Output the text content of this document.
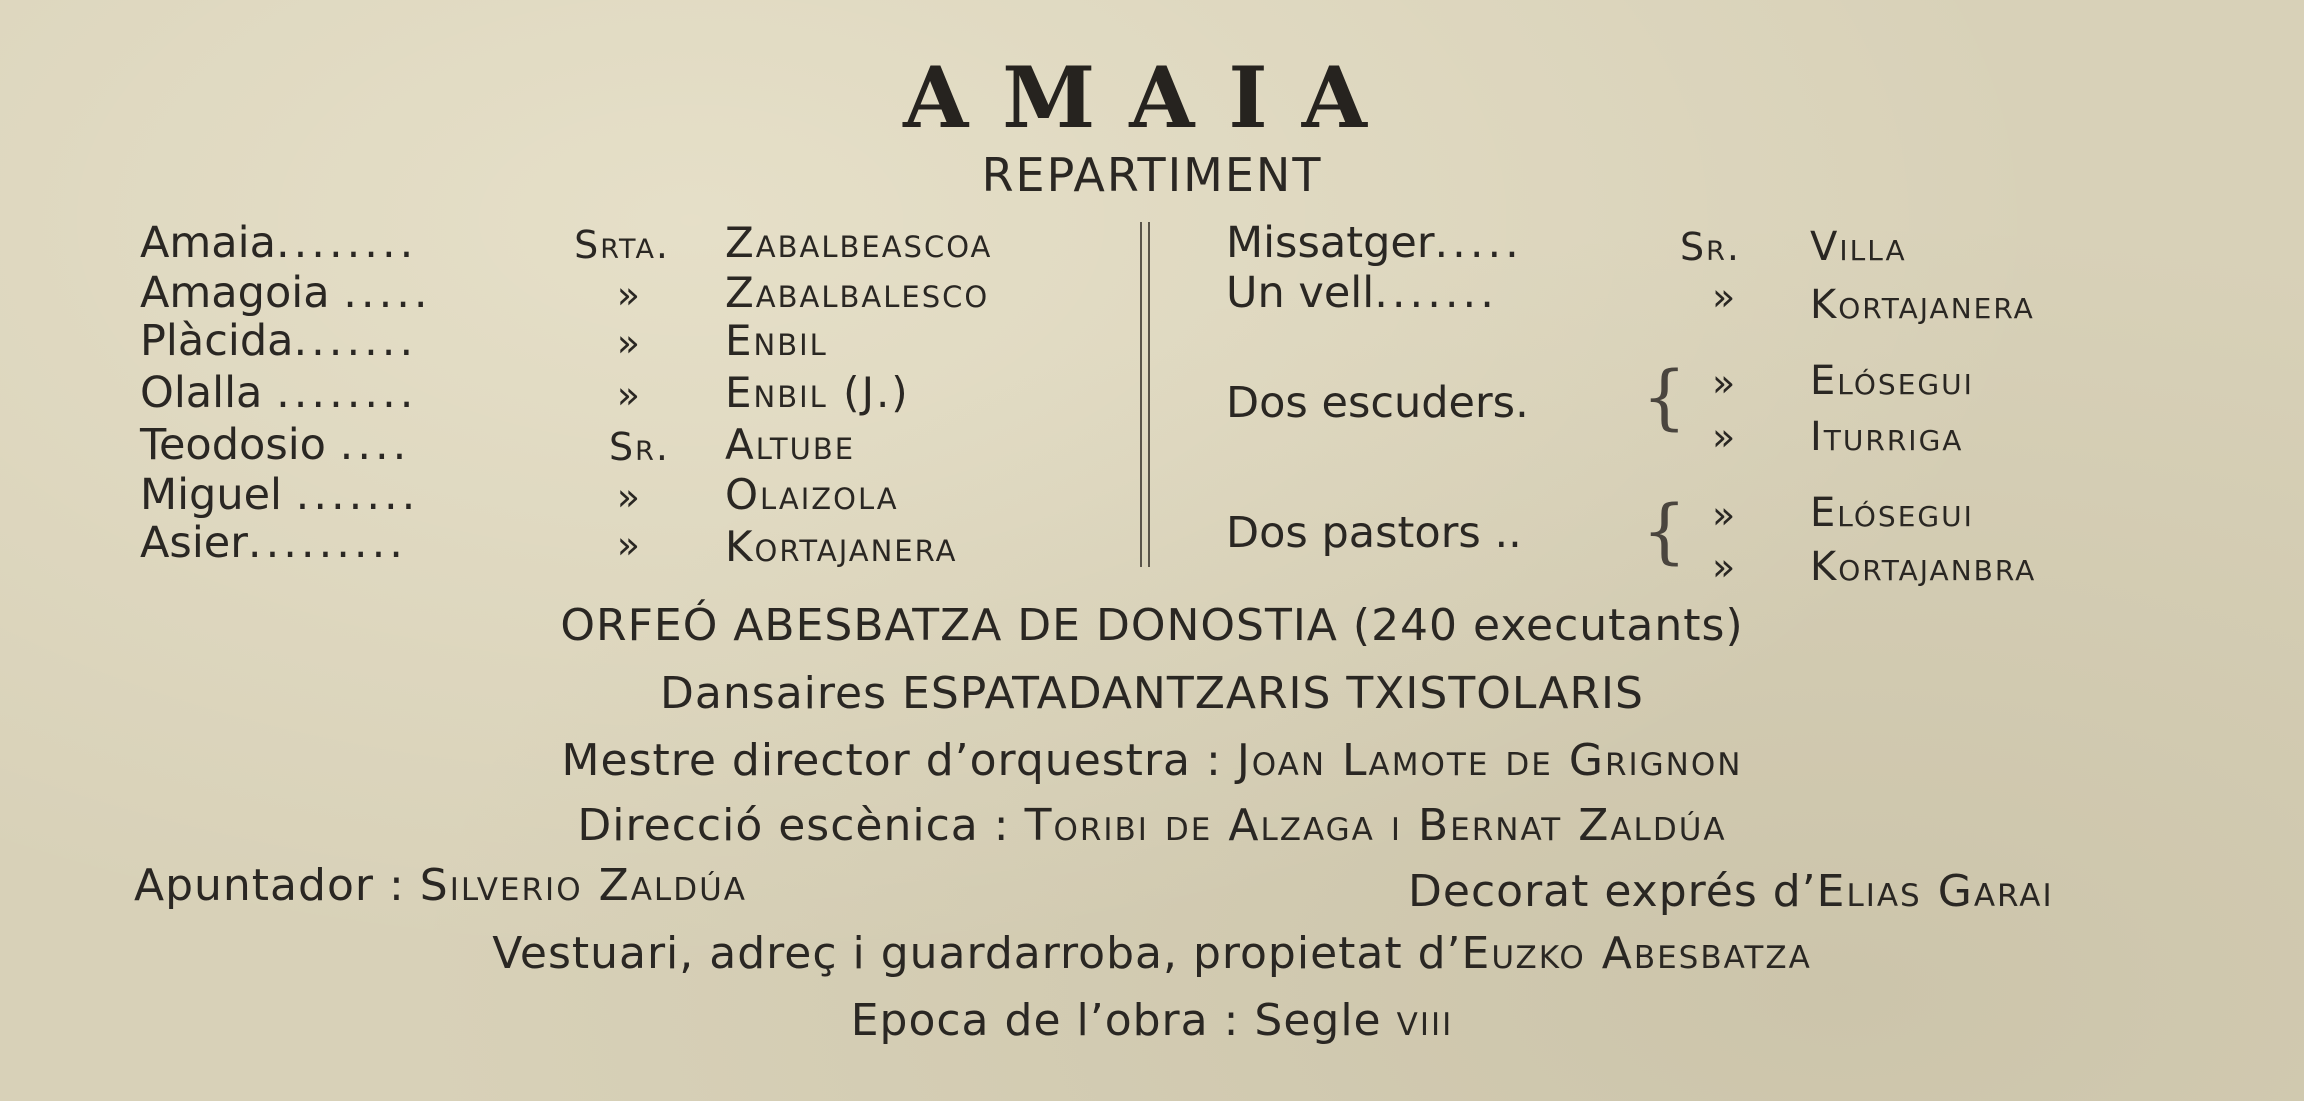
AMAIA
REPARTIMENT
Amaia........	Srta. Zabalbeascoa
Amagoia .....	» Zabalbalesco
Plàcida.......	» Enbil
Olalla ........	» Enbil (J.)
Teodosio ....	Sr. Altube
Miguel .......	» Olaizola
Asier.........	» Kortajanera
Missatger.....	Sr. Villa
Un vell.......	» Kortajanera
Dos escuders. { » Elósegui
» Iturriga
Dos pastors .. { » Elósegui
» Kortajanbra
ORFEÓ ABESBATZA DE DONOSTIA (240 executants)
Dansaires ESPATADANTZARIS TXISTOLARIS
Mestre director d’orquestra : Joan Lamote de Grignon
Direcció escènica : Toribi de Alzaga i Bernat Zaldúa
Apuntador : Silverio Zaldúa	Decorat exprés d’Elias Garai
Vestuari, adreç i guardarroba, propietat d’Euzko Abesbatza
Epoca de l’obra : Segle viii
